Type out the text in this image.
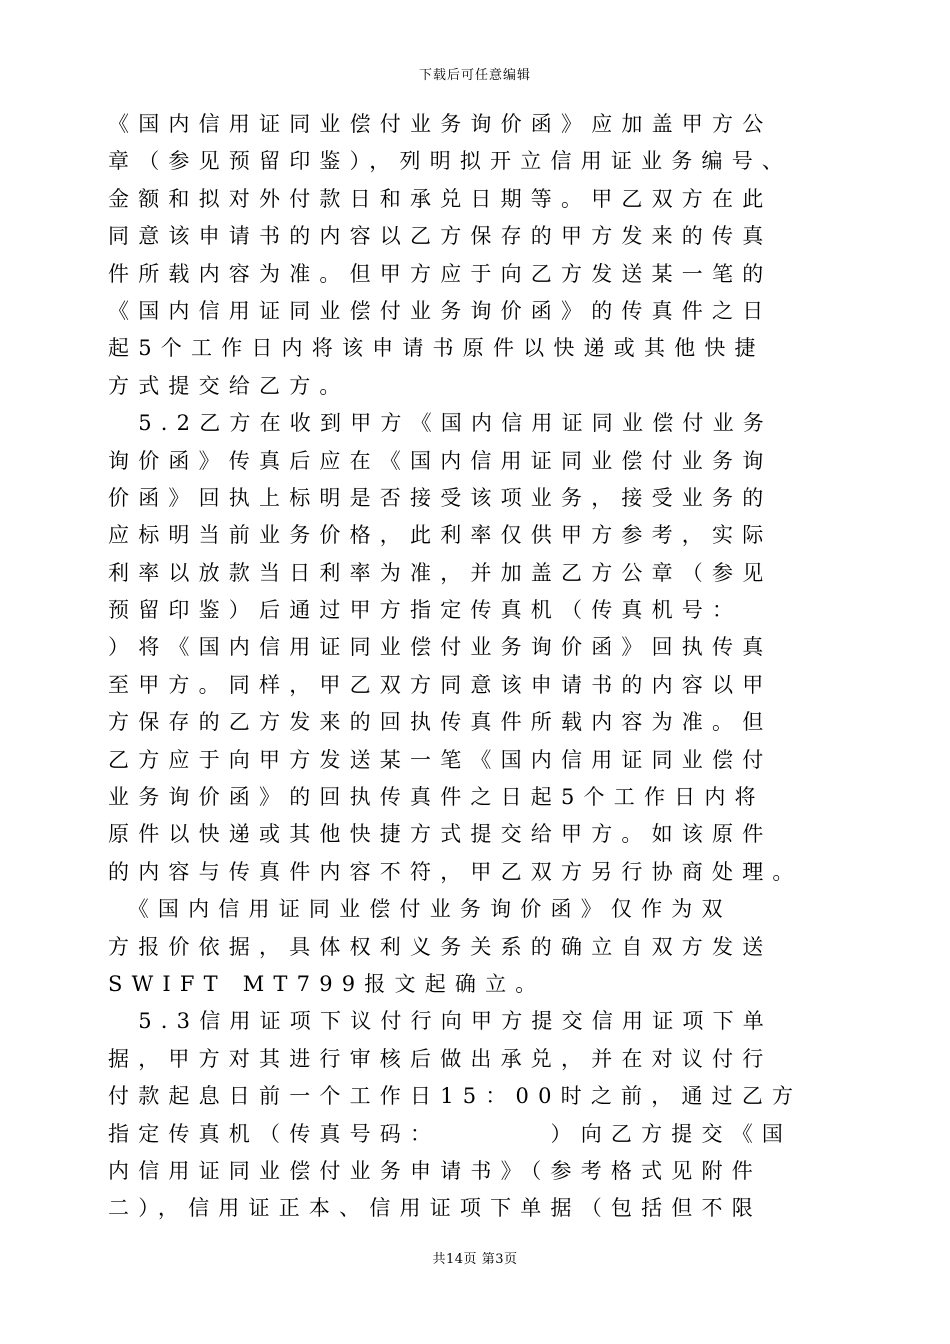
下载后可任意编辑
《国内信用证同业偿付业务询价函》应加盖甲方公
章（参见预留印鉴），列明拟开立信用证业务编号、
金额和拟对外付款日和承兑日期等。甲乙双方在此
同意该申请书的内容以乙方保存的甲方发来的传真
件所载内容为准。但甲方应于向乙方发送某一笔的
《国内信用证同业偿付业务询价函》的传真件之日
起5个工作日内将该申请书原件以快递或其他快捷
方式提交给乙方。
　5.2乙方在收到甲方《国内信用证同业偿付业务
询价函》传真后应在《国内信用证同业偿付业务询
价函》回执上标明是否接受该项业务，接受业务的
应标明当前业务价格，此利率仅供甲方参考，实际
利率以放款当日利率为准，并加盖乙方公章（参见
预留印鉴）后通过甲方指定传真机（传真机号：
）将《国内信用证同业偿付业务询价函》回执传真
至甲方。同样，甲乙双方同意该申请书的内容以甲
方保存的乙方发来的回执传真件所载内容为准。但
乙方应于向甲方发送某一笔《国内信用证同业偿付
业务询价函》的回执传真件之日起5个工作日内将
原件以快递或其他快捷方式提交给甲方。如该原件
的内容与传真件内容不符，甲乙双方另行协商处理。
　《国内信用证同业偿付业务询价函》仅作为双
方报价依据，具体权利义务关系的确立自双方发送
SWIFT MT799报文起确立。
　5.3信用证项下议付行向甲方提交信用证项下单
据，甲方对其进行审核后做出承兑，并在对议付行
付款起息日前一个工作日15：00时之前，通过乙方
指定传真机（传真号码：　　　　）向乙方提交《国
内信用证同业偿付业务申请书》（参考格式见附件
二），信用证正本、信用证项下单据（包括但不限
共14页 第3页
